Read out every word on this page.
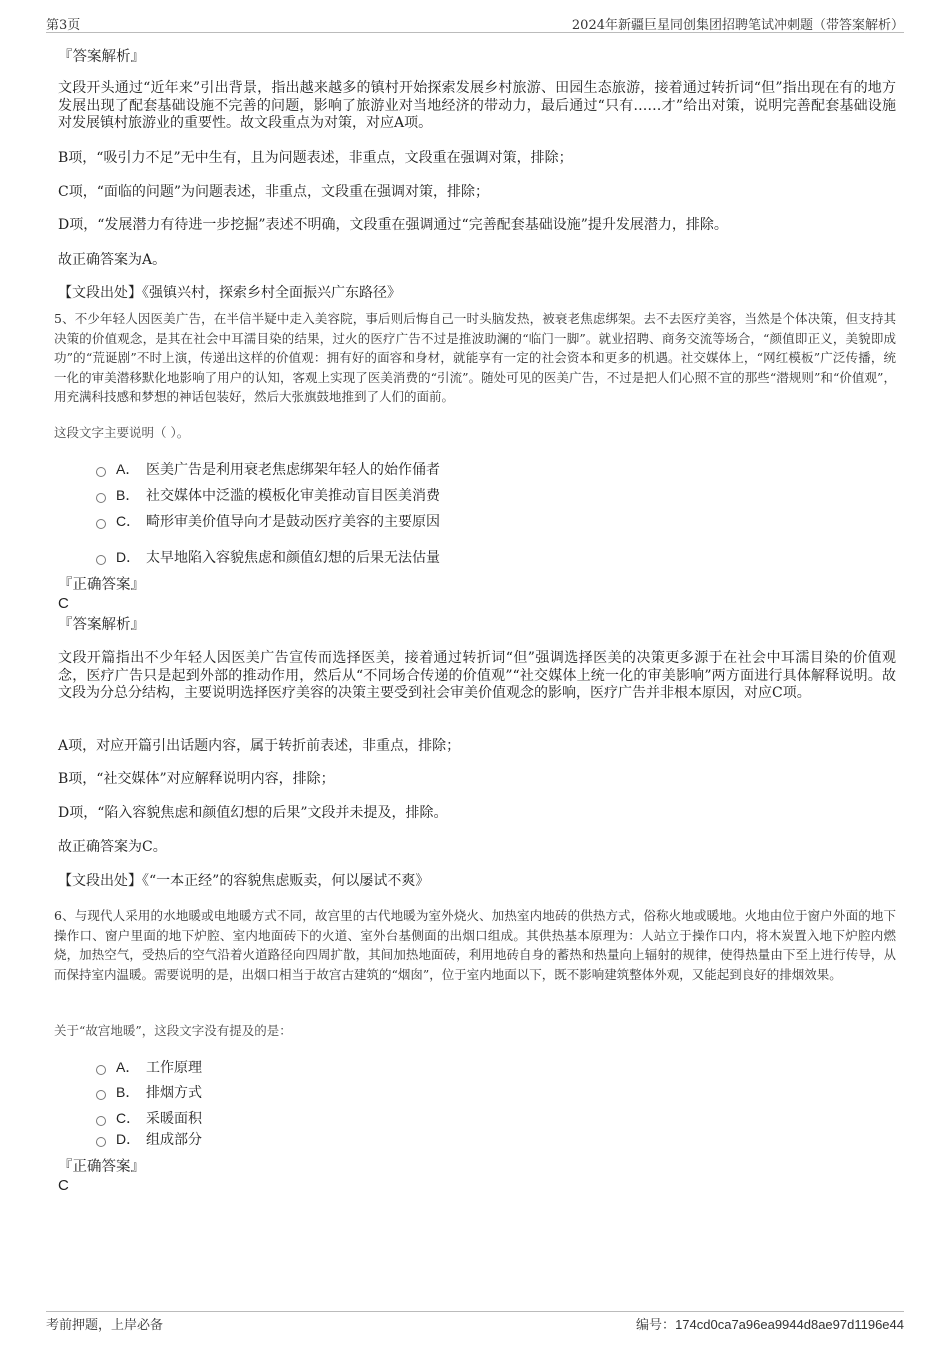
第3页	2024年新疆巨星同创集团招聘笔试冲刺题（带答案解析）
『答案解析』
文段开头通过“近年来”引出背景，指出越来越多的镇村开始探索发展乡村旅游、田园生态旅游，接着通过转折词“但”指出现在有的地方发展出现了配套基础设施不完善的问题，影响了旅游业对当地经济的带动力，最后通过“只有……才”给出对策，说明完善配套基础设施对发展镇村旅游业的重要性。故文段重点为对策，对应A项。
B项，“吸引力不足”无中生有，且为问题表述，非重点，文段重在强调对策，排除；
C项，“面临的问题”为问题表述，非重点，文段重在强调对策，排除；
D项，“发展潜力有待进一步挖掘”表述不明确，文段重在强调通过“完善配套基础设施”提升发展潜力，排除。
故正确答案为A。
【文段出处】《强镇兴村，探索乡村全面振兴广东路径》
5、不少年轻人因医美广告，在半信半疑中走入美容院，事后则后悔自己一时头脑发热，被衰老焦虑绑架。去不去医疗美容，当然是个体决策，但支持其决策的价值观念，是其在社会中耳濡目染的结果，过火的医疗广告不过是推波助澜的“临门一脚”。就业招聘、商务交流等场合，“颜值即正义，美貌即成功”的“荒诞剧”不时上演，传递出这样的价值观：拥有好的面容和身材，就能享有一定的社会资本和更多的机遇。社交媒体上，“网红模板”广泛传播，统一化的审美潜移默化地影响了用户的认知，客观上实现了医美消费的“引流”。随处可见的医美广告，不过是把人们心照不宣的那些“潜规则”和“价值观”，用充满科技感和梦想的神话包装好，然后大张旗鼓地推到了人们的面前。
这段文字主要说明（ ）。
A． 医美广告是利用衰老焦虑绑架年轻人的始作俑者
B． 社交媒体中泛滥的模板化审美推动盲目医美消费
C． 畸形审美价值导向才是鼓动医疗美容的主要原因
D． 太早地陷入容貌焦虑和颜值幻想的后果无法估量
『正确答案』
C
『答案解析』
文段开篇指出不少年轻人因医美广告宣传而选择医美，接着通过转折词“但”强调选择医美的决策更多源于在社会中耳濡目染的价值观念，医疗广告只是起到外部的推动作用，然后从“不同场合传递的价值观”“社交媒体上统一化的审美影响”两方面进行具体解释说明。故文段为分总分结构，主要说明选择医疗美容的决策主要受到社会审美价值观念的影响，医疗广告并非根本原因，对应C项。
A项，对应开篇引出话题内容，属于转折前表述，非重点，排除；
B项，“社交媒体”对应解释说明内容，排除；
D项，“陷入容貌焦虑和颜值幻想的后果”文段并未提及，排除。
故正确答案为C。
【文段出处】《“一本正经”的容貌焦虑贩卖，何以屡试不爽》
6、与现代人采用的水地暖或电地暖方式不同，故宫里的古代地暖为室外烧火、加热室内地砖的供热方式，俗称火地或暖地。火地由位于窗户外面的地下操作口、窗户里面的地下炉腔、室内地面砖下的火道、室外台基侧面的出烟口组成。其供热基本原理为：人站立于操作口内，将木炭置入地下炉腔内燃烧，加热空气，受热后的空气沿着火道路径向四周扩散，其间加热地面砖，利用地砖自身的蓄热和热量向上辐射的规律，使得热量由下至上进行传导，从而保持室内温暖。需要说明的是，出烟口相当于故宫古建筑的“烟囱”，位于室内地面以下，既不影响建筑整体外观，又能起到良好的排烟效果。
关于“故宫地暖”，这段文字没有提及的是：
A． 工作原理
B． 排烟方式
C． 采暖面积
D． 组成部分
『正确答案』
C
考前押题，上岸必备	编号：174cd0ca7a96ea9944d8ae97d1196e44
